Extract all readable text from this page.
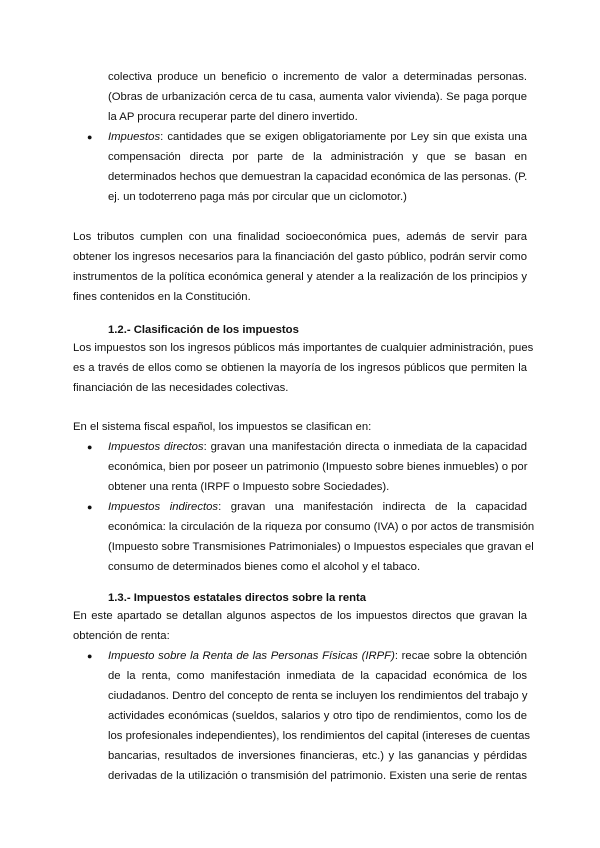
colectiva produce un beneficio o incremento de valor a determinadas personas.
(Obras de urbanización cerca de tu casa, aumenta valor vivienda). Se paga porque
la AP procura recuperar parte del dinero invertido.
● Impuestos: cantidades que se exigen obligatoriamente por Ley sin que exista una
compensación directa por parte de la administración y que se basan en
determinados hechos que demuestran la capacidad económica de las personas. (P.
ej. un todoterreno paga más por circular que un ciclomotor.)
Los tributos cumplen con una finalidad socioeconómica pues, además de servir para
obtener los ingresos necesarios para la financiación del gasto público, podrán servir como
instrumentos de la política económica general y atender a la realización de los principios y
fines contenidos en la Constitución.
1.2.- Clasificación de los impuestos
Los impuestos son los ingresos públicos más importantes de cualquier administración, pues
es a través de ellos como se obtienen la mayoría de los ingresos públicos que permiten la
financiación de las necesidades colectivas.
En el sistema fiscal español, los impuestos se clasifican en:
● Impuestos directos: gravan una manifestación directa o inmediata de la capacidad
económica, bien por poseer un patrimonio (Impuesto sobre bienes inmuebles) o por
obtener una renta (IRPF o Impuesto sobre Sociedades).
● Impuestos indirectos: gravan una manifestación indirecta de la capacidad
económica: la circulación de la riqueza por consumo (IVA) o por actos de transmisión
(Impuesto sobre Transmisiones Patrimoniales) o Impuestos especiales que gravan el
consumo de determinados bienes como el alcohol y el tabaco.
1.3.- Impuestos estatales directos sobre la renta
En este apartado se detallan algunos aspectos de los impuestos directos que gravan la
obtención de renta:
● Impuesto sobre la Renta de las Personas Físicas (IRPF): recae sobre la obtención
de la renta, como manifestación inmediata de la capacidad económica de los
ciudadanos. Dentro del concepto de renta se incluyen los rendimientos del trabajo y
actividades económicas (sueldos, salarios y otro tipo de rendimientos, como los de
los profesionales independientes), los rendimientos del capital (intereses de cuentas
bancarias, resultados de inversiones financieras, etc.) y las ganancias y pérdidas
derivadas de la utilización o transmisión del patrimonio. Existen una serie de rentas
